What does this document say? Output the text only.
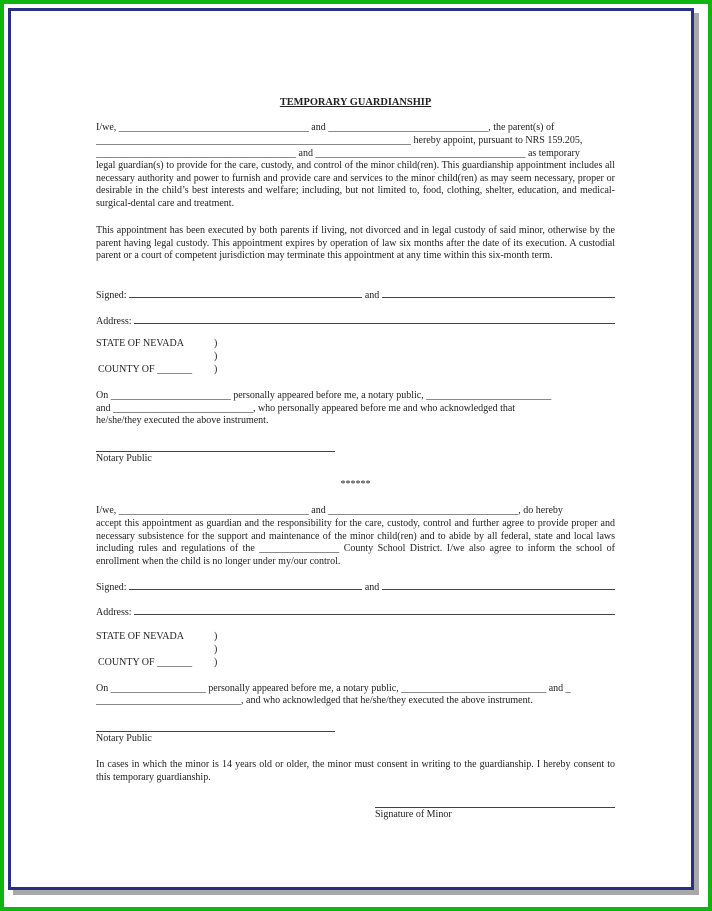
TEMPORARY GUARDIANSHIP
I/we, ______________________________________ and ________________________________, the parent(s) of
_______________________________________________________________ hereby appoint, pursuant to NRS 159.205,
________________________________________ and __________________________________________ as temporary
legal guardian(s) to provide for the care, custody, and control of the minor child(ren). This guardianship appointment includes all necessary authority and power to furnish and provide care and services to the minor child(ren) as may seem necessary, proper or desirable in the child’s best interests and welfare; including, but not limited to, food, clothing, shelter, education, and medical-surgical-dental care and treatment.
This appointment has been executed by both parents if living, not divorced and in legal custody of said minor, otherwise by the parent having legal custody. This appointment expires by operation of law six months after the date of its execution. A custodial parent or a court of competent jurisdiction may terminate this appointment at any time within this six-month term.
Signed:

	and

Address:

STATE OF NEVADA	)
)
COUNTY OF _______ )
On ________________________ personally appeared before me, a notary public, _________________________
and ____________________________, who personally appeared before me and who acknowledged that
he/she/they executed the above instrument.
Notary Public
******
I/we, ______________________________________ and ______________________________________, do hereby
accept this appointment as guardian and the responsibility for the care, custody, control and further agree to provide proper and necessary subsistence for the support and maintenance of the minor child(ren) and to abide by all federal, state and local laws including rules and regulations of the ________________ County School District. I/we also agree to inform the school of enrollment when the child is no longer under my/our control.
Signed:

	and

Address:

STATE OF NEVADA	)
)
COUNTY OF _______ )
On ___________________ personally appeared before me, a notary public, _____________________________ and _
_____________________________, and who acknowledged that he/she/they executed the above instrument.
Notary Public
In cases in which the minor is 14 years old or older, the minor must consent in writing to the guardianship. I hereby consent to this temporary guardianship.
Signature of Minor
